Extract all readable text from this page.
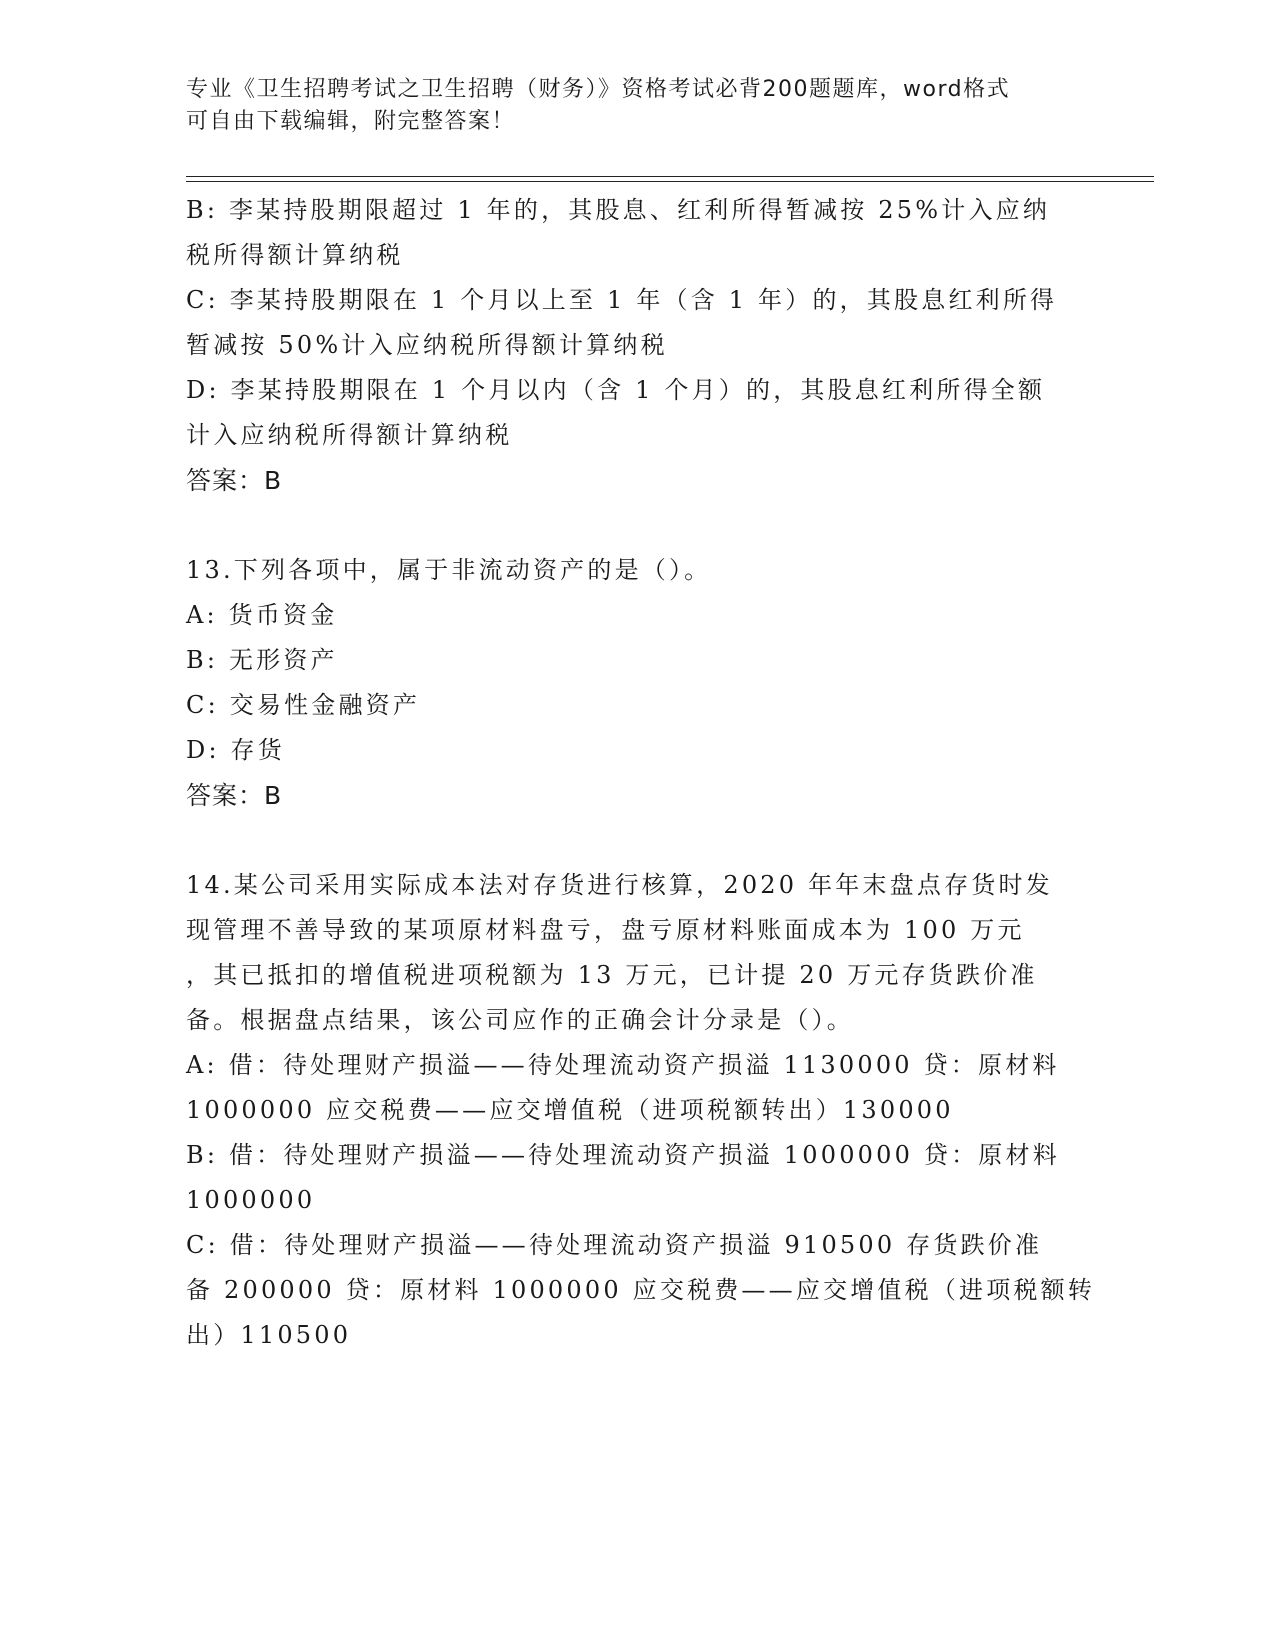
专业《卫生招聘考试之卫生招聘（财务）》资格考试必背200题题库，word格式
可自由下载编辑，附完整答案！
B: 李某持股期限超过 1 年的，其股息、红利所得暂减按 25%计入应纳
税所得额计算纳税
C: 李某持股期限在 1 个月以上至 1 年（含 1 年）的，其股息红利所得
暂减按 50%计入应纳税所得额计算纳税
D: 李某持股期限在 1 个月以内（含 1 个月）的，其股息红利所得全额
计入应纳税所得额计算纳税
答案：B
13.下列各项中，属于非流动资产的是（）。
A: 货币资金
B: 无形资产
C: 交易性金融资产
D: 存货
答案：B
14.某公司采用实际成本法对存货进行核算，2020 年年末盘点存货时发
现管理不善导致的某项原材料盘亏，盘亏原材料账面成本为 100 万元
，其已抵扣的增值税进项税额为 13 万元，已计提 20 万元存货跌价准
备。根据盘点结果，该公司应作的正确会计分录是（）。
A: 借：待处理财产损溢——待处理流动资产损溢 1130000 贷：原材料
1000000 应交税费——应交增值税（进项税额转出）130000
B: 借：待处理财产损溢——待处理流动资产损溢 1000000 贷：原材料
1000000
C: 借：待处理财产损溢——待处理流动资产损溢 910500 存货跌价准
备 200000 贷：原材料 1000000 应交税费——应交增值税（进项税额转
出）110500
